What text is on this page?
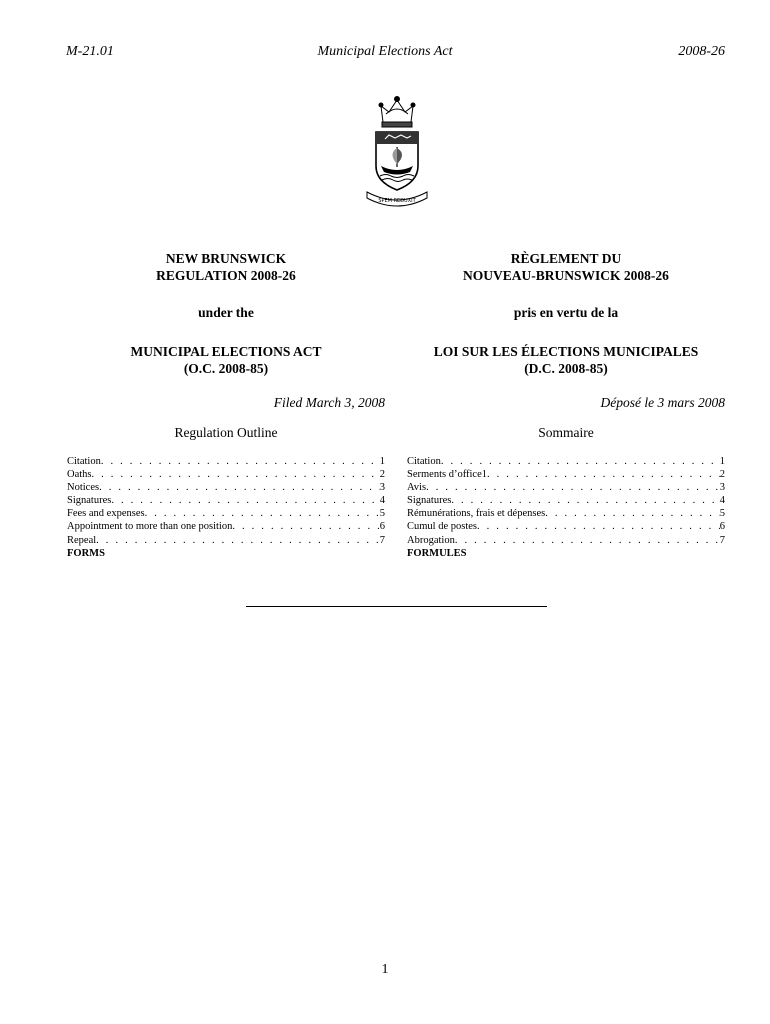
M-21.01	Municipal Elections Act	2008-26
SPEM REDUXIT
NEW BRUNSWICK
REGULATION 2008-26
under the
MUNICIPAL ELECTIONS ACT
(O.C. 2008-85)
Filed March 3, 2008
Regulation Outline
Citation . . .	1
Oaths . . .	2
Notices . . .	3
Signatures . . .	4
Fees and expenses . . .	5
Appointment to more than one position . . .	6
Repeal . . .	7
FORMS
RÈGLEMENT DU
NOUVEAU-BRUNSWICK 2008-26
pris en vertu de la
LOI SUR LES ÉLECTIONS MUNICIPALES
(D.C. 2008-85)
Déposé le 3 mars 2008
Sommaire
Citation . . .	1
Serments d’office1 . . .	2
Avis . . .	3
Signatures . . .	4
Rémunérations, frais et dépenses . . .	5
Cumul de postes . . .	6
Abrogation . . .	7
FORMULES
1
